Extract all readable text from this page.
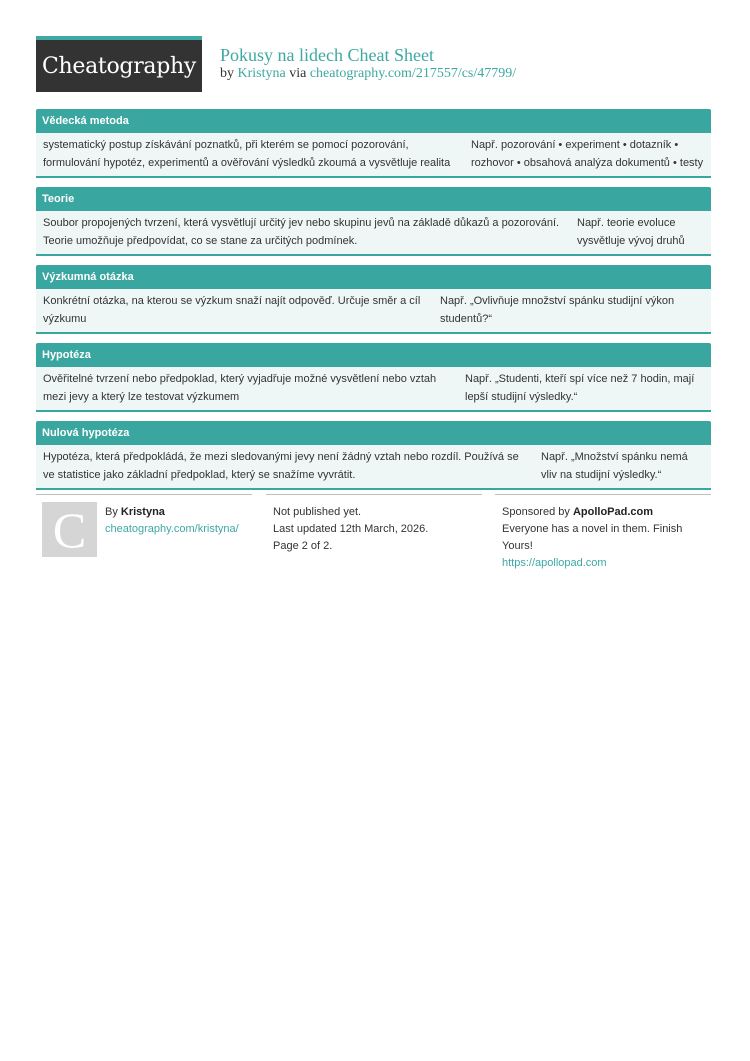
Cheatography Pokusy na lidech Cheat Sheet
by Kristyna via cheatography.com/217557/cs/47799/
Vědecká metoda
systematický postup získávání poznatků, při kterém se pomocí pozorování, formulování hypotéz, experimentů a ověřování výsledků zkoumá a vysvětluje realita
Např. pozorování • experiment • dotazník • rozhovor • obsahová analýza dokumentů • testy
Teorie
Soubor propojených tvrzení, která vysvětlují určitý jev nebo skupinu jevů na základě důkazů a pozorování. Teorie umožňuje předpovídat, co se stane za určitých podmínek.
Např. teorie evoluce vysvětluje vývoj druhů
Výzkumná otázka
Konkrétní otázka, na kterou se výzkum snaží najít odpověď. Určuje směr a cíl výzkumu
Např. „Ovlivňuje množství spánku studijní výkon studentů?“
Hypotéza
Ověřitelné tvrzení nebo předpoklad, který vyjadřuje možné vysvětlení nebo vztah mezi jevy a který lze testovat výzkumem
Např. „Studenti, kteří spí více než 7 hodin, mají lepší studijní výsledky.“
Nulová hypotéza
Hypotéza, která předpokládá, že mezi sledovanými jevy není žádný vztah nebo rozdíl. Používá se ve statistice jako základní předpoklad, který se snažíme vyvrátit.
Např. „Množství spánku nemá vliv na studijní výsledky.“
C	By Kristyna
cheatography.com/kristyna/
Not published yet.
Last updated 12th March, 2026.
Page 2 of 2.
Sponsored by ApolloPad.com
Everyone has a novel in them. Finish Yours!
https://apollopad.com
